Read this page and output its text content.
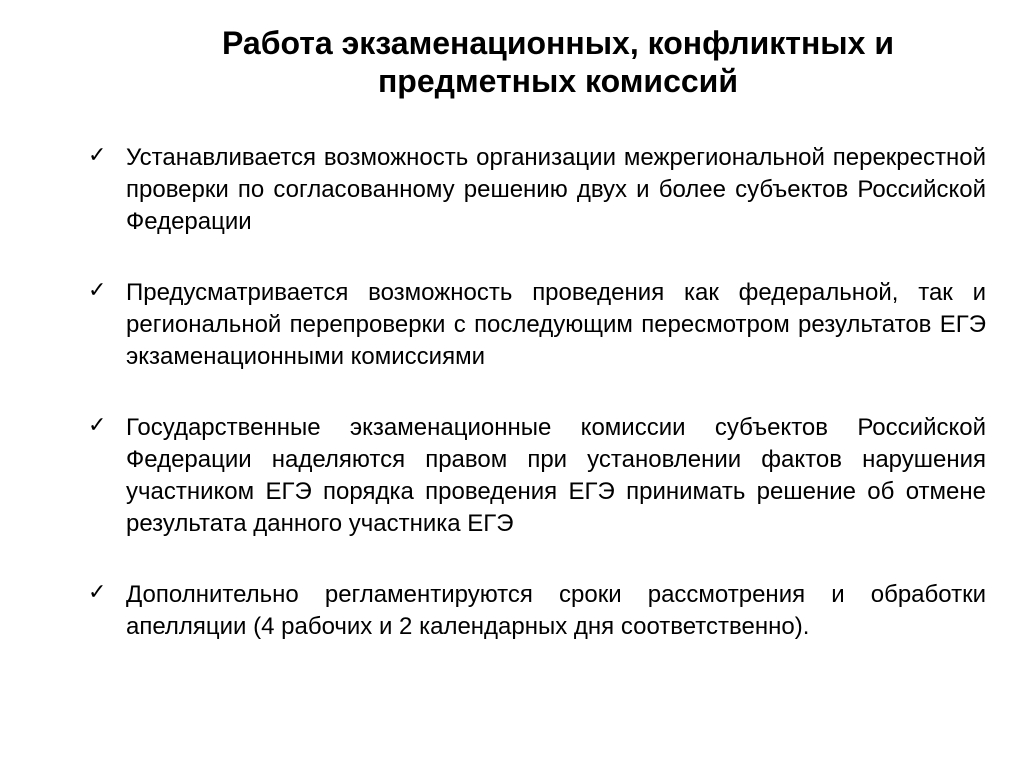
Работа экзаменационных, конфликтных и предметных комиссий
✓ Устанавливается возможность организации межрегиональной перекрестной проверки по согласованному решению двух и более субъектов Российской Федерации
✓ Предусматривается возможность проведения как федеральной, так и региональной перепроверки с последующим пересмотром результатов ЕГЭ экзаменационными комиссиями
✓ Государственные экзаменационные комиссии субъектов Российской Федерации наделяются правом при установлении фактов нарушения участником ЕГЭ порядка проведения ЕГЭ принимать решение об отмене результата данного участника ЕГЭ
✓ Дополнительно регламентируются сроки рассмотрения и обработки апелляции (4 рабочих и 2 календарных дня соответственно).
